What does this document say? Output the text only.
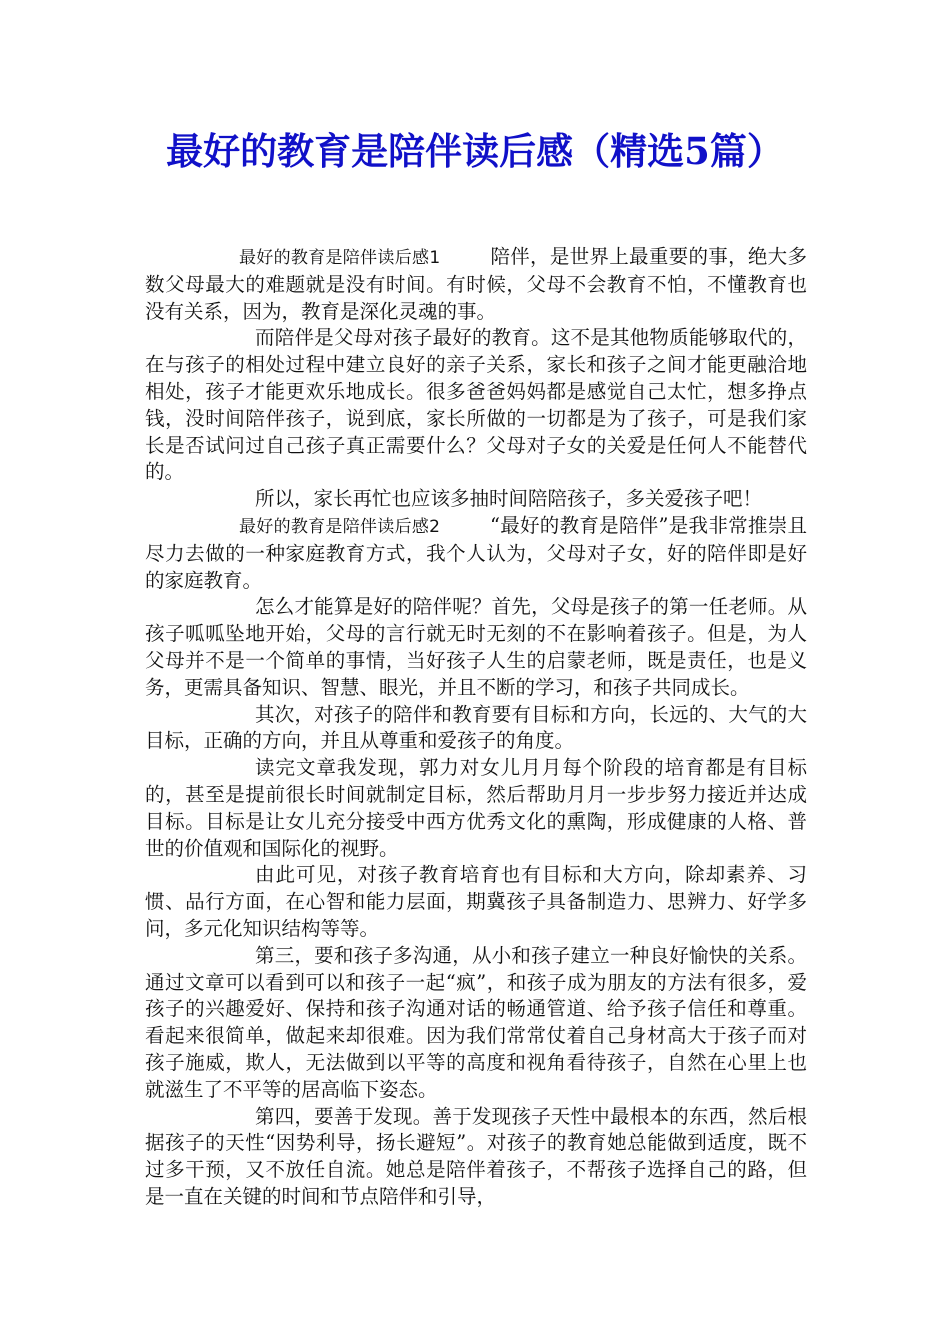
最好的教育是陪伴读后感（精选5篇）

最好的教育是陪伴读后感1	陪伴，是世界上最重要的事，绝大多数父母最大的难题就是没有时间。有时候，父母不会教育不怕，不懂教育也没有关系，因为，教育是深化灵魂的事。

而陪伴是父母对孩子最好的教育。这不是其他物质能够取代的，在与孩子的相处过程中建立良好的亲子关系，家长和孩子之间才能更融洽地相处，孩子才能更欢乐地成长。很多爸爸妈妈都是感觉自己太忙，想多挣点钱，没时间陪伴孩子，说到底，家长所做的一切都是为了孩子，可是我们家长是否试问过自己孩子真正需要什么？父母对子女的关爱是任何人不能替代的。

所以，家长再忙也应该多抽时间陪陪孩子，多关爱孩子吧！

最好的教育是陪伴读后感2	“最好的教育是陪伴”是我非常推崇且尽力去做的一种家庭教育方式，我个人认为，父母对子女，好的陪伴即是好的家庭教育。

怎么才能算是好的陪伴呢？首先，父母是孩子的第一任老师。从孩子呱呱坠地开始，父母的言行就无时无刻的不在影响着孩子。但是，为人父母并不是一个简单的事情，当好孩子人生的启蒙老师，既是责任，也是义务，更需具备知识、智慧、眼光，并且不断的学习，和孩子共同成长。

其次，对孩子的陪伴和教育要有目标和方向，长远的、大气的大目标，正确的方向，并且从尊重和爱孩子的角度。

读完文章我发现，郭力对女儿月月每个阶段的培育都是有目标的，甚至是提前很长时间就制定目标，然后帮助月月一步步努力接近并达成目标。目标是让女儿充分接受中西方优秀文化的熏陶，形成健康的人格、普世的价值观和国际化的视野。

由此可见，对孩子教育培育也有目标和大方向，除却素养、习惯、品行方面，在心智和能力层面，期冀孩子具备制造力、思辨力、好学多问，多元化知识结构等等。

第三，要和孩子多沟通，从小和孩子建立一种良好愉快的关系。通过文章可以看到可以和孩子一起“疯”，和孩子成为朋友的方法有很多，爱孩子的兴趣爱好、保持和孩子沟通对话的畅通管道、给予孩子信任和尊重。看起来很简单，做起来却很难。因为我们常常仗着自己身材高大于孩子而对孩子施威，欺人，无法做到以平等的高度和视角看待孩子，自然在心里上也就滋生了不平等的居高临下姿态。

第四，要善于发现。善于发现孩子天性中最根本的东西，然后根据孩子的天性“因势利导，扬长避短”。对孩子的教育她总能做到适度，既不过多干预，又不放任自流。她总是陪伴着孩子，不帮孩子选择自己的路，但是一直在关键的时间和节点陪伴和引导，
